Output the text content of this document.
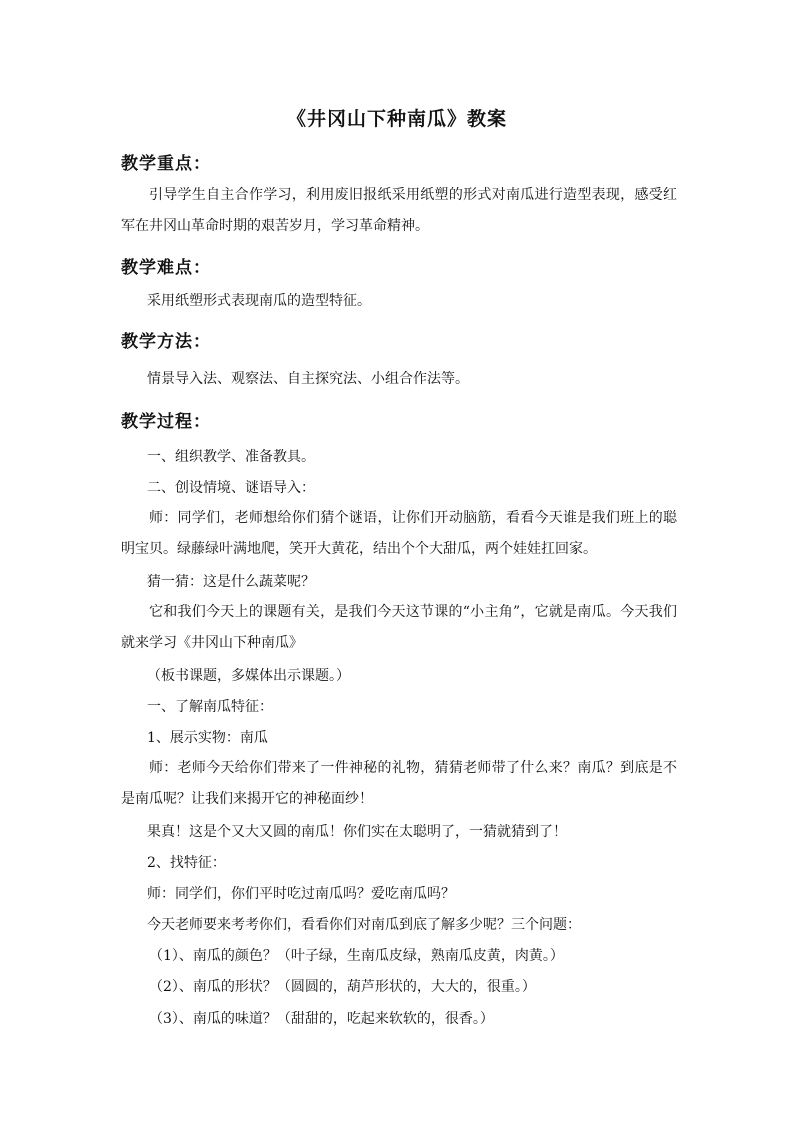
《井冈山下种南瓜》教案
教学重点：
引导学生自主合作学习，利用废旧报纸采用纸塑的形式对南瓜进行造型表现，感受红军在井冈山革命时期的艰苦岁月，学习革命精神。
教学难点：
采用纸塑形式表现南瓜的造型特征。
教学方法：
情景导入法、观察法、自主探究法、小组合作法等。
教学过程：
一、组织教学、准备教具。
二、创设情境、谜语导入：
师：同学们，老师想给你们猜个谜语，让你们开动脑筋，看看今天谁是我们班上的聪明宝贝。绿藤绿叶满地爬，笑开大黄花，结出个个大甜瓜，两个娃娃扛回家。
猜一猜：这是什么蔬菜呢？
它和我们今天上的课题有关，是我们今天这节课的“小主角”，它就是南瓜。今天我们就来学习《井冈山下种南瓜》
（板书课题，多媒体出示课题。）
一、了解南瓜特征：
1、展示实物：南瓜
师：老师今天给你们带来了一件神秘的礼物，猜猜老师带了什么来？南瓜？到底是不是南瓜呢？让我们来揭开它的神秘面纱！
果真！这是个又大又圆的南瓜！你们实在太聪明了，一猜就猜到了！
2、找特征：
师：同学们，你们平时吃过南瓜吗？爱吃南瓜吗？
今天老师要来考考你们，看看你们对南瓜到底了解多少呢？三个问题：
（1）、南瓜的颜色？（叶子绿，生南瓜皮绿，熟南瓜皮黄，肉黄。）
（2）、南瓜的形状？（圆圆的，葫芦形状的，大大的，很重。）
（3）、南瓜的味道？（甜甜的，吃起来软软的，很香。）
